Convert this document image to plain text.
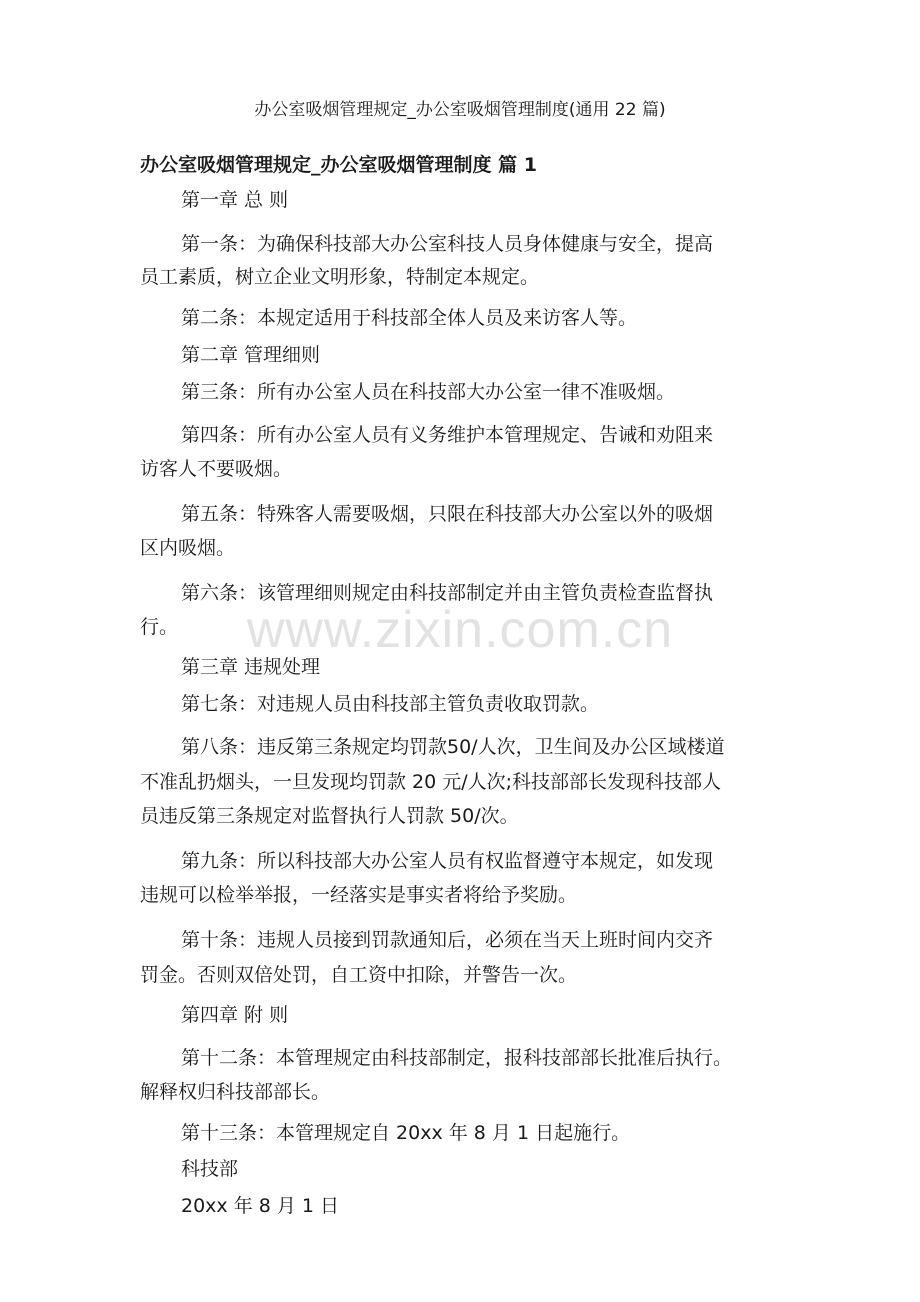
办公室吸烟管理规定_办公室吸烟管理制度(通用 22 篇)
办公室吸烟管理规定_办公室吸烟管理制度 篇 1
www.zixin.com.cn
第一章 总 则
第一条：为确保科技部大办公室科技人员身体健康与安全，提高
员工素质，树立企业文明形象，特制定本规定。
第二条：本规定适用于科技部全体人员及来访客人等。
第二章 管理细则
第三条：所有办公室人员在科技部大办公室一律不准吸烟。
第四条：所有办公室人员有义务维护本管理规定、告诫和劝阻来
访客人不要吸烟。
第五条：特殊客人需要吸烟，只限在科技部大办公室以外的吸烟
区内吸烟。
第六条：该管理细则规定由科技部制定并由主管负责检查监督执
行。
第三章 违规处理
第七条：对违规人员由科技部主管负责收取罚款。
第八条：违反第三条规定均罚款50/人次，卫生间及办公区域楼道
不准乱扔烟头，一旦发现均罚款 20 元/人次;科技部部长发现科技部人
员违反第三条规定对监督执行人罚款 50/次。
第九条：所以科技部大办公室人员有权监督遵守本规定，如发现
违规可以检举举报，一经落实是事实者将给予奖励。
第十条：违规人员接到罚款通知后，必须在当天上班时间内交齐
罚金。否则双倍处罚，自工资中扣除，并警告一次。
第四章 附 则
第十二条：本管理规定由科技部制定，报科技部部长批准后执行。
解释权归科技部部长。
第十三条：本管理规定自 20xx 年 8 月 1 日起施行。
科技部
20xx 年 8 月 1 日
